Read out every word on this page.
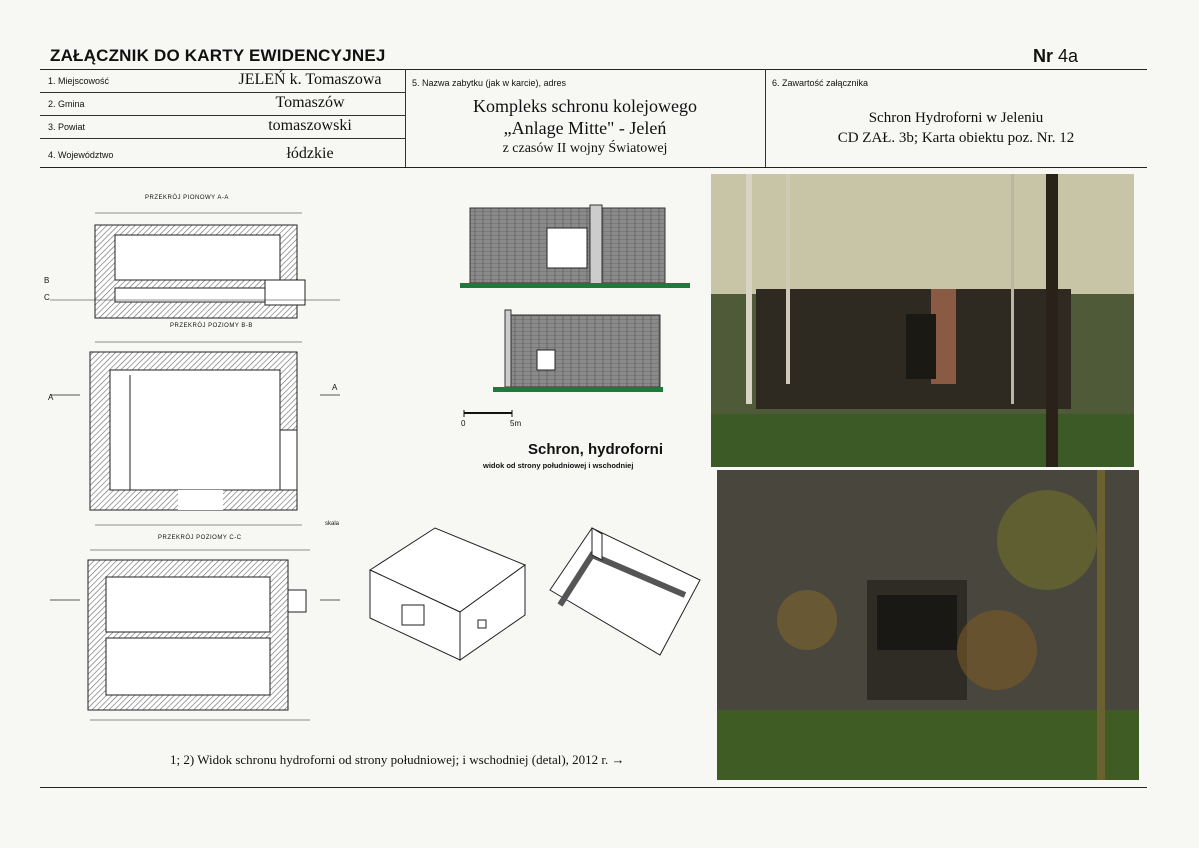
ZAŁĄCZNIK DO KARTY EWIDENCYJNEJ	Nr 4a
1. Miejscowość	JELEŃ k. Tomaszowa
2. Gmina	Tomaszów
3. Powiat	tomaszowski
4. Województwo	łódzkie
5. Nazwa zabytku (jak w karcie), adres
Kompleks schronu kolejowego
„Anlage Mitte" - Jeleń
z czasów II wojny Światowej
6. Zawartość załącznika
Schron Hydroforni w Jeleniu
CD ZAŁ. 3b; Karta obiektu poz. Nr. 12
PRZEKRÓJ PIONOWY A-A
PRZEKRÓJ POZIOMY B-B
PRZEKRÓJ POZIOMY C-C
skala
A
A
B
C
0	5m
Schron, hydroforni
widok od strony południowej i wschodniej
1; 2) Widok schronu hydroforni od strony południowej; i wschodniej (detal), 2012 r. →
